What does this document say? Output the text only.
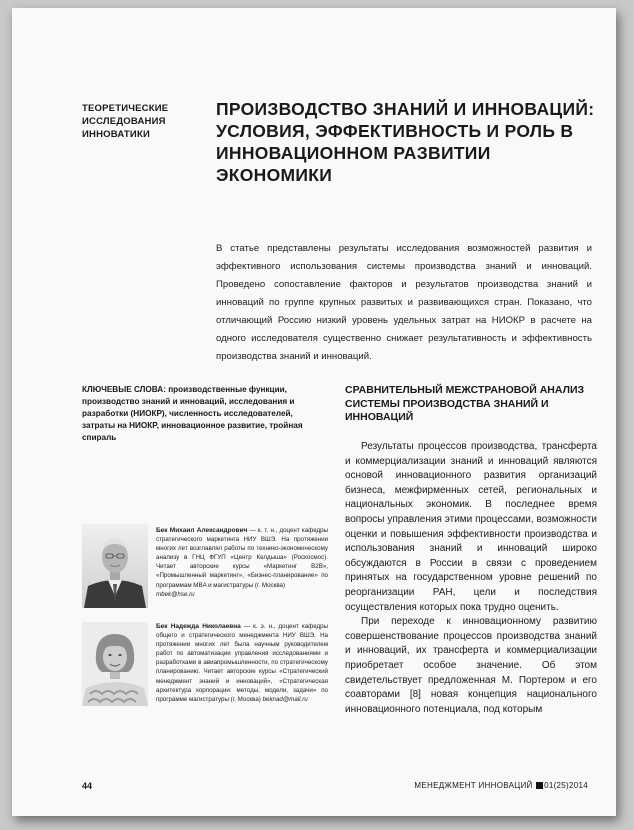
ТЕОРЕТИЧЕСКИЕ
ИССЛЕДОВАНИЯ
ИННОВАТИКИ
ПРОИЗВОДСТВО ЗНАНИЙ И ИННОВАЦИЙ: УСЛОВИЯ, ЭФФЕКТИВНОСТЬ И РОЛЬ В ИННОВАЦИОННОМ РАЗВИТИИ ЭКОНОМИКИ
В статье представлены результаты исследования возможностей развития и эффективного использования системы производства знаний и инноваций. Проведено сопоставление факторов и результатов производства знаний и инноваций по группе крупных развитых и развивающихся стран. Показано, что отличающий Россию низкий уровень удельных затрат на НИОКР в расчете на одного исследователя существенно снижает результативность и эффективность производства знаний и инноваций.
КЛЮЧЕВЫЕ СЛОВА: производственные функции, производство знаний и инноваций, исследования и разработки (НИОКР), численность исследователей, затраты на НИОКР, инновационное развитие, тройная спираль
СРАВНИТЕЛЬНЫЙ МЕЖСТРАНОВОЙ АНАЛИЗ СИСТЕМЫ ПРОИЗВОДСТВА ЗНАНИЙ И ИННОВАЦИЙ

Результаты процессов производства, трансферта и коммерциализации знаний и инноваций являются основой инновационного развития организаций бизнеса, межфирменных сетей, региональных и национальных экономик. В последнее время вопросы управления этими процессами, возможности оценки и повышения эффективности производства и использования знаний и инноваций широко обсуждаются в России в связи с проведением принятых на государственном уровне решений по реорганизации РАН, цели и последствия осуществления которых пока трудно оценить.

При переходе к инновационному развитию совершенствование процессов производства знаний и инноваций, их трансферта и коммерциализации приобретает особое значение. Об этом свидетельствует предложенная М. Портером и его соавторами [8] новая концепция национального инновационного потенциала, под которым

Бек Михаил Александрович — к. т. н., доцент кафедры стратегического маркетинга НИУ ВШЭ. На протяжении многих лет возглавлял работы по технико-экономическому анализу в ГНЦ ФГУП «Центр Келдыша» (Роскосмос). Читает авторские курсы «Маркетинг B2B», «Промышленный маркетинг», «Бизнес-планирование» по программам MBA и магистратуры (г. Москва)
mbek@hse.ru
Бек Надежда Николаевна — к. э. н., доцент кафедры общего и стратегического менеджмента НИУ ВШЭ. На протяжении многих лет была научным руководителем работ по автоматизации управления исследованиями и разработками в авиапромышленности, по стратегическому планированию. Читает авторские курсы «Стратегический менеджмент знаний и инноваций», «Стратегическая архитектура корпорации: методы, модели, задачи» по программе магистратуры (г. Москва) beknad@mail.ru
44	МЕНЕДЖМЕНТ ИННОВАЦИЙ 01(25)2014
